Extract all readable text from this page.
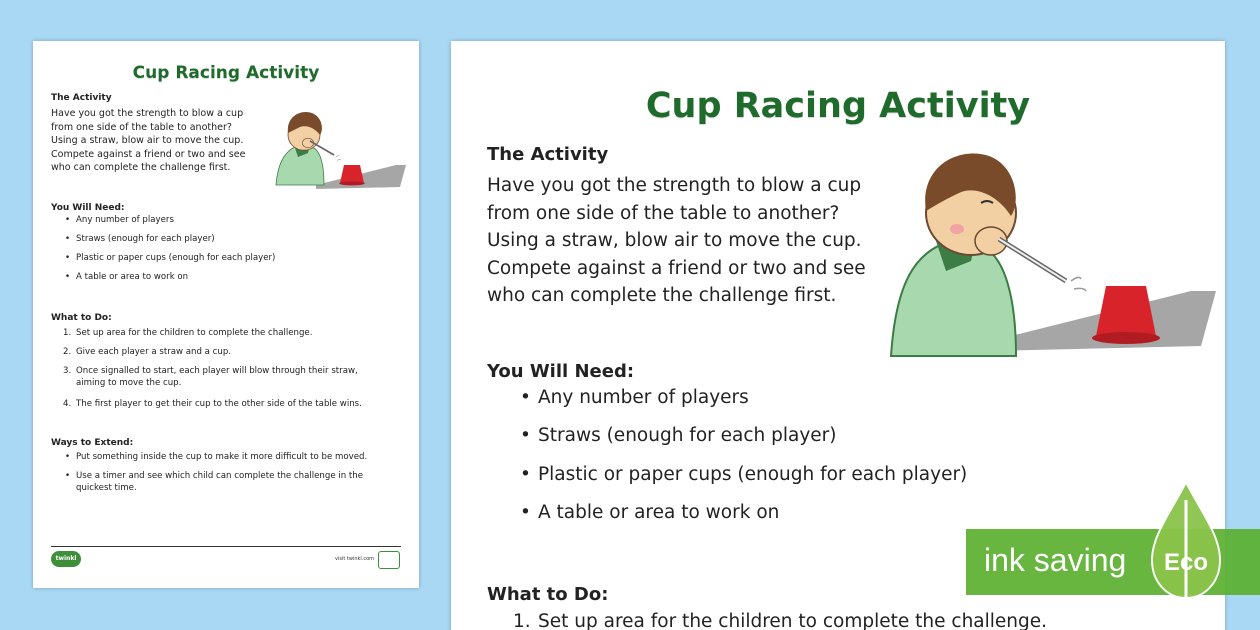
Cup Racing Activity
The Activity
Have you got the strength to blow a cup from one side of the table to another? Using a straw, blow air to move the cup. Compete against a friend or two and see who can complete the challenge first.
You Will Need:
• Any number of players
• Straws (enough for each player)
• Plastic or paper cups (enough for each player)
• A table or area to work on
What to Do:
1. Set up area for the children to complete the challenge.
2. Give each player a straw and a cup.
3. Once signalled to start, each player will blow through their straw, aiming to move the cup.
4. The first player to get their cup to the other side of the table wins.
Ways to Extend:
• Put something inside the cup to make it more difficult to be moved.
• Use a timer and see which child can complete the challenge in the quickest time.
twinkl	visit twinkl.com
Cup Racing Activity
The Activity
Have you got the strength to blow a cup from one side of the table to another? Using a straw, blow air to move the cup. Compete against a friend or two and see who can complete the challenge first.
You Will Need:
• Any number of players
• Straws (enough for each player)
• Plastic or paper cups (enough for each player)
• A table or area to work on
What to Do:
1. Set up area for the children to complete the challenge.
ink saving Eco
